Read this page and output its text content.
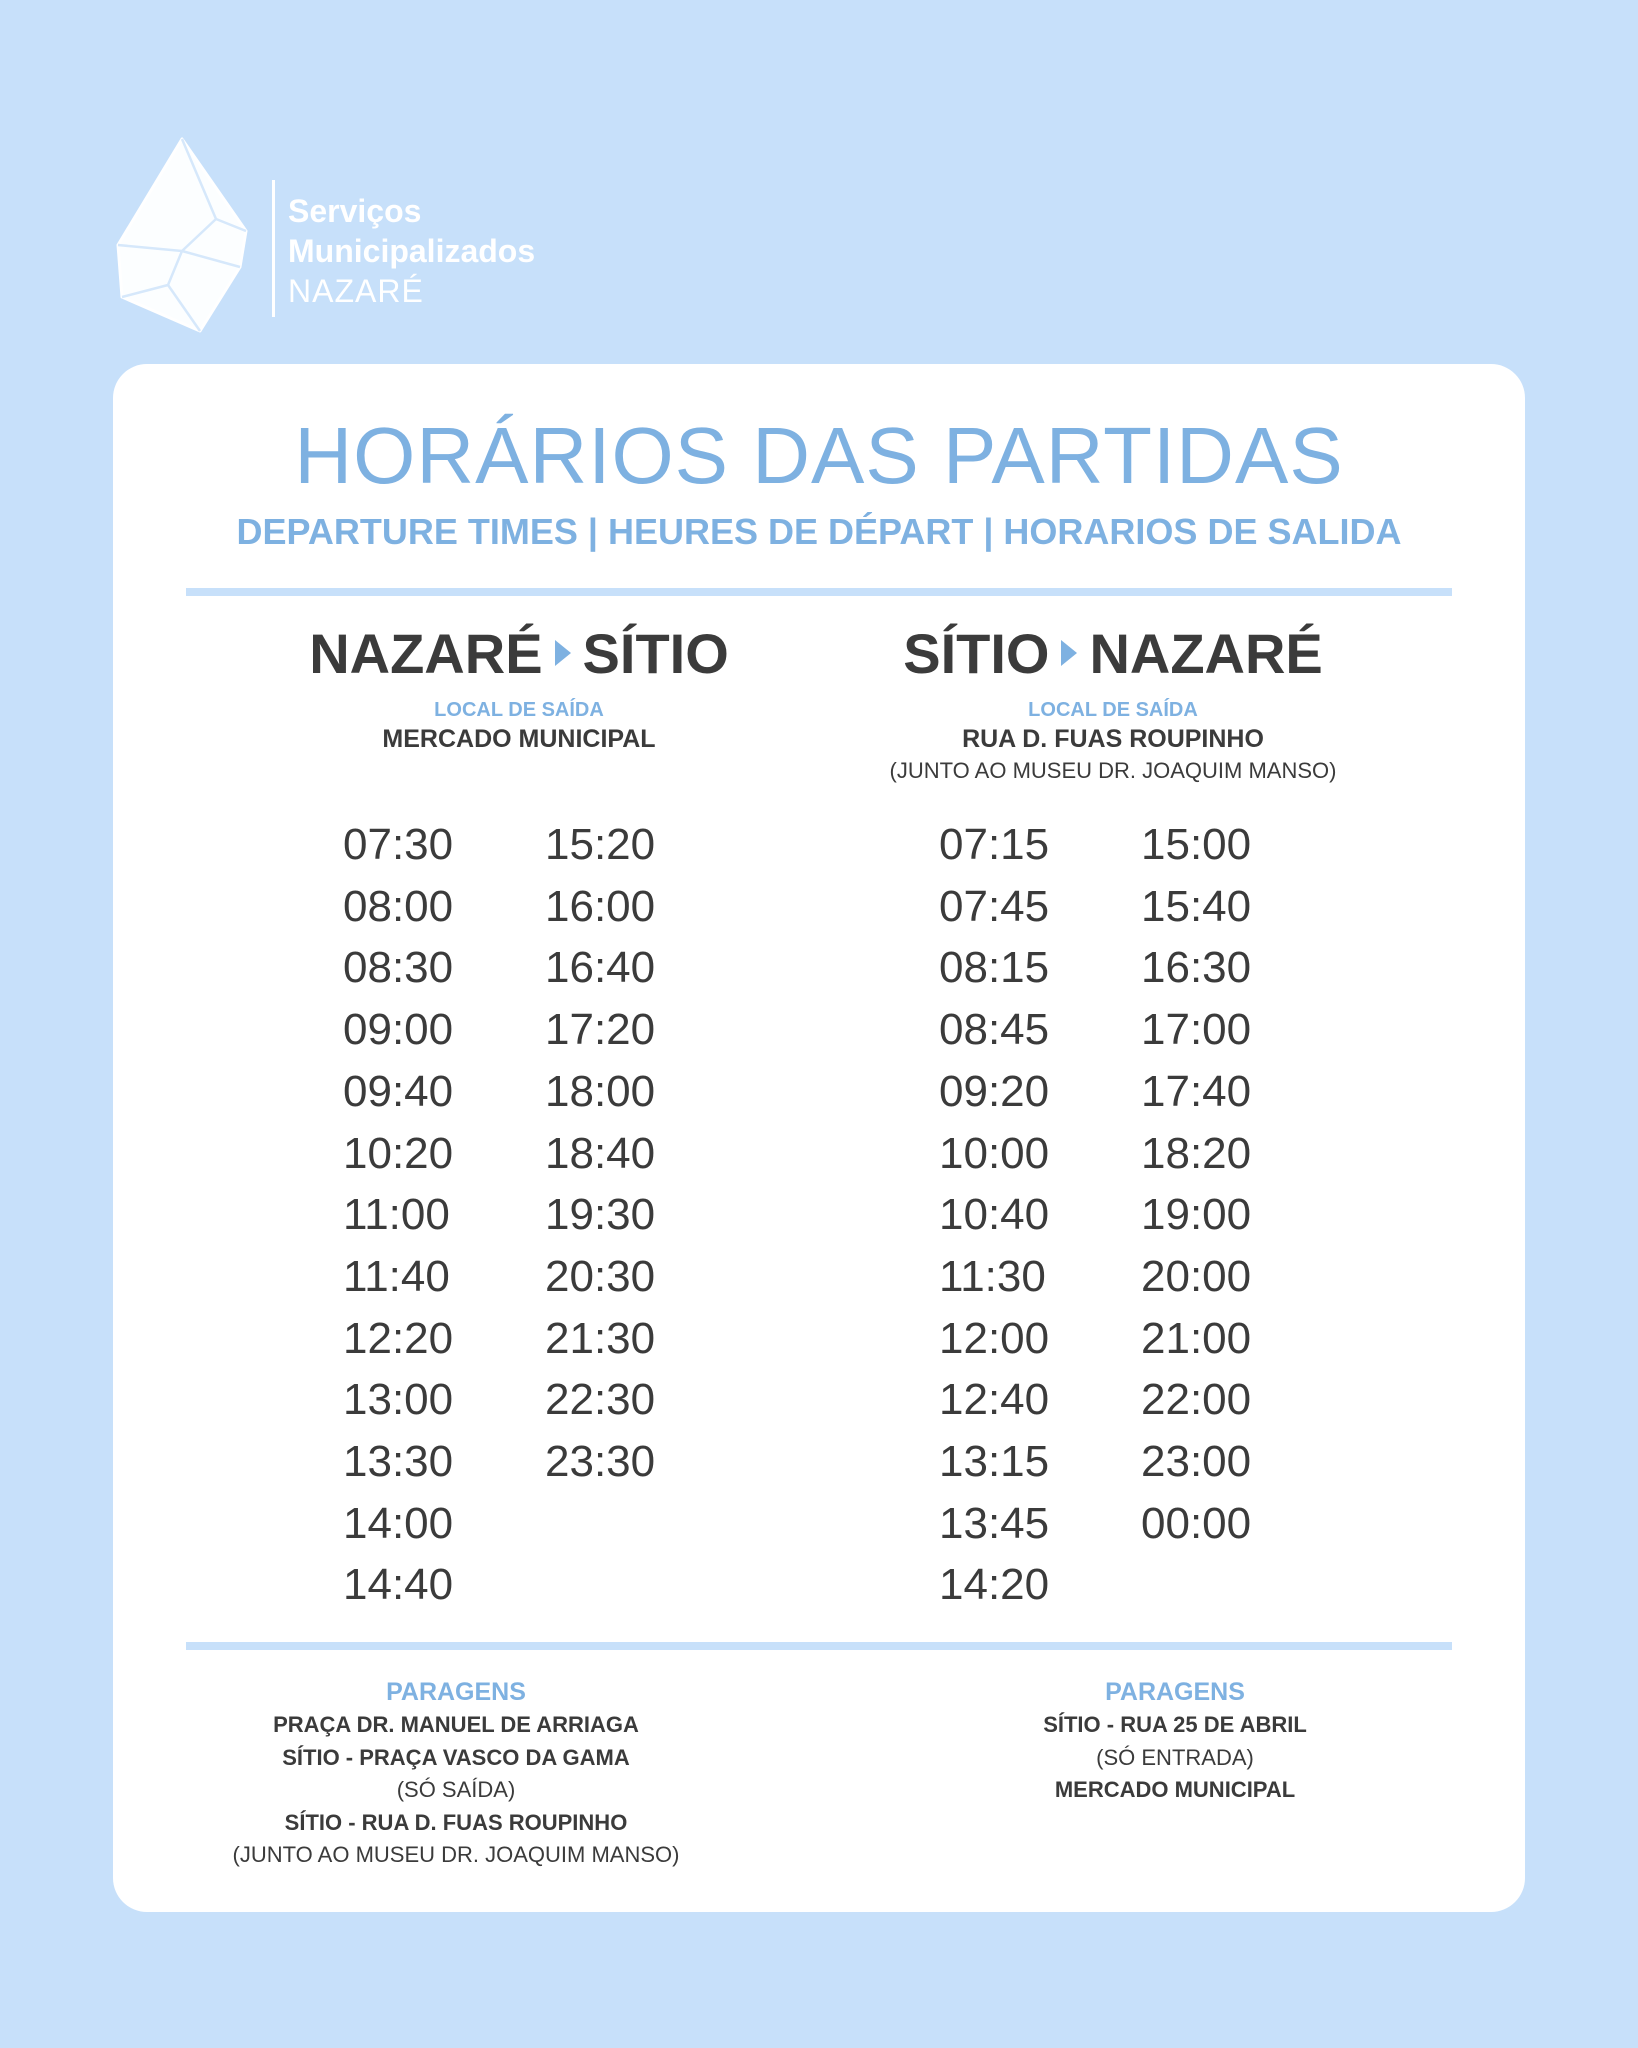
Serviços
Municipalizados
NAZARÉ
HORÁRIOS DAS PARTIDAS
DEPARTURE TIMES | HEURES DE DÉPART | HORARIOS DE SALIDA
NAZARÉ SÍTIO
LOCAL DE SAÍDA
MERCADO MUNICIPAL
SÍTIO NAZARÉ
LOCAL DE SAÍDA
RUA D. FUAS ROUPINHO
(JUNTO AO MUSEU DR. JOAQUIM MANSO)
07:30
08:00
08:30
09:00
09:40
10:20
11:00
11:40
12:20
13:00
13:30
14:00
14:40
15:20
16:00
16:40
17:20
18:00
18:40
19:30
20:30
21:30
22:30
23:30
07:15
07:45
08:15
08:45
09:20
10:00
10:40
11:30
12:00
12:40
13:15
13:45
14:20
15:00
15:40
16:30
17:00
17:40
18:20
19:00
20:00
21:00
22:00
23:00
00:00
PARAGENS
PRAÇA DR. MANUEL DE ARRIAGA
SÍTIO - PRAÇA VASCO DA GAMA
(SÓ SAÍDA)
SÍTIO - RUA D. FUAS ROUPINHO
(JUNTO AO MUSEU DR. JOAQUIM MANSO)
PARAGENS
SÍTIO - RUA 25 DE ABRIL
(SÓ ENTRADA)
MERCADO MUNICIPAL
